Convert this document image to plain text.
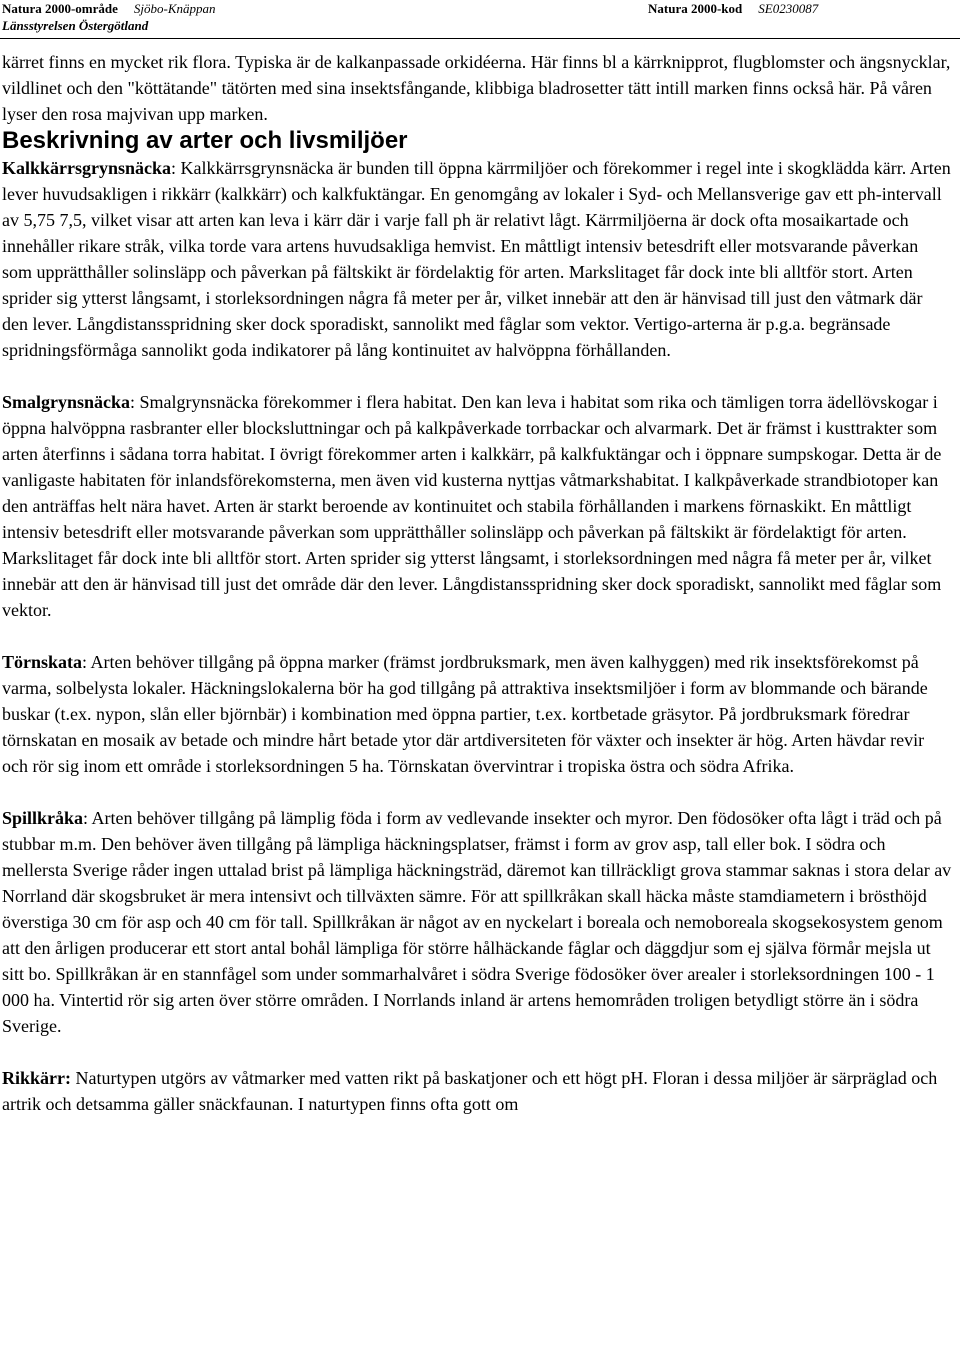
Natura 2000-område Sjöbo-Knäppan
Länsstyrelsen Östergötland
Natura 2000-kod SE0230087

kärret finns en mycket rik flora. Typiska är de kalkanpassade orkidéerna. Här finns bl a kärrknipprot, flugblomster och ängsnycklar, vildlinet och den "köttätande" tätörten med sina insektsfångande, klibbiga bladrosetter tätt intill marken finns också här. På våren lyser den rosa majvivan upp marken.

Beskrivning av arter och livsmiljöer

Kalkkärrsgrynsnäcka: Kalkkärrsgrynsnäcka är bunden till öppna kärrmiljöer och förekommer i regel inte i skogklädda kärr. Arten lever huvudsakligen i rikkärr (kalkkärr) och kalkfuktängar. En genomgång av lokaler i Syd- och Mellansverige gav ett ph-intervall av 5,75 7,5, vilket visar att arten kan leva i kärr där i varje fall ph är relativt lågt. Kärrmiljöerna är dock ofta mosaikartade och innehåller rikare stråk, vilka torde vara artens huvudsakliga hemvist. En måttligt intensiv betesdrift eller motsvarande påverkan som upprätthåller solinsläpp och påverkan på fältskikt är fördelaktig för arten. Markslitaget får dock inte bli alltför stort. Arten sprider sig ytterst långsamt, i storleksordningen några få meter per år, vilket innebär att den är hänvisad till just den våtmark där den lever. Långdistansspridning sker dock sporadiskt, sannolikt med fåglar som vektor. Vertigo-arterna är p.g.a. begränsade spridningsförmåga sannolikt goda indikatorer på lång kontinuitet av halvöppna förhållanden.

Smalgrynsnäcka: Smalgrynsnäcka förekommer i flera habitat. Den kan leva i habitat som rika och tämligen torra ädellövskogar i öppna halvöppna rasbranter eller blocksluttningar och på kalkpåverkade torrbackar och alvarmark. Det är främst i kusttrakter som arten återfinns i sådana torra habitat. I övrigt förekommer arten i kalkkärr, på kalkfuktängar och i öppnare sumpskogar. Detta är de vanligaste habitaten för inlandsförekomsterna, men även vid kusterna nyttjas våtmarkshabitat. I kalkpåverkade strandbiotoper kan den anträffas helt nära havet. Arten är starkt beroende av kontinuitet och stabila förhållanden i markens förnaskikt. En måttligt intensiv betesdrift eller motsvarande påverkan som upprätthåller solinsläpp och påverkan på fältskikt är fördelaktigt för arten. Markslitaget får dock inte bli alltför stort. Arten sprider sig ytterst långsamt, i storleksordningen med några få meter per år, vilket innebär att den är hänvisad till just det område där den lever. Långdistansspridning sker dock sporadiskt, sannolikt med fåglar som vektor.

Törnskata: Arten behöver tillgång på öppna marker (främst jordbruksmark, men även kalhyggen) med rik insektsförekomst på varma, solbelysta lokaler. Häckningslokalerna bör ha god tillgång på attraktiva insektsmiljöer i form av blommande och bärande buskar (t.ex. nypon, slån eller björnbär) i kombination med öppna partier, t.ex. kortbetade gräsytor. På jordbruksmark föredrar törnskatan en mosaik av betade och mindre hårt betade ytor där artdiversiteten för växter och insekter är hög. Arten hävdar revir och rör sig inom ett område i storleksordningen 5 ha. Törnskatan övervintrar i tropiska östra och södra Afrika.

Spillkråka: Arten behöver tillgång på lämplig föda i form av vedlevande insekter och myror. Den födosöker ofta lågt i träd och på stubbar m.m. Den behöver även tillgång på lämpliga häckningsplatser, främst i form av grov asp, tall eller bok. I södra och mellersta Sverige råder ingen uttalad brist på lämpliga häckningsträd, däremot kan tillräckligt grova stammar saknas i stora delar av Norrland där skogsbruket är mera intensivt och tillväxten sämre. För att spillkråkan skall häcka måste stamdiametern i brösthöjd överstiga 30 cm för asp och 40 cm för tall. Spillkråkan är något av en nyckelart i boreala och nemoboreala skogsekosystem genom att den årligen producerar ett stort antal bohål lämpliga för större hålhäckande fåglar och däggdjur som ej själva förmår mejsla ut sitt bo. Spillkråkan är en stannfågel som under sommarhalvåret i södra Sverige födosöker över arealer i storleksordningen 100 - 1 000 ha. Vintertid rör sig arten över större områden. I Norrlands inland är artens hemområden troligen betydligt större än i södra Sverige.

Rikkärr: Naturtypen utgörs av våtmarker med vatten rikt på baskatjoner och ett högt pH. Floran i dessa miljöer är särpräglad och artrik och detsamma gäller snäckfaunan. I naturtypen finns ofta gott om
